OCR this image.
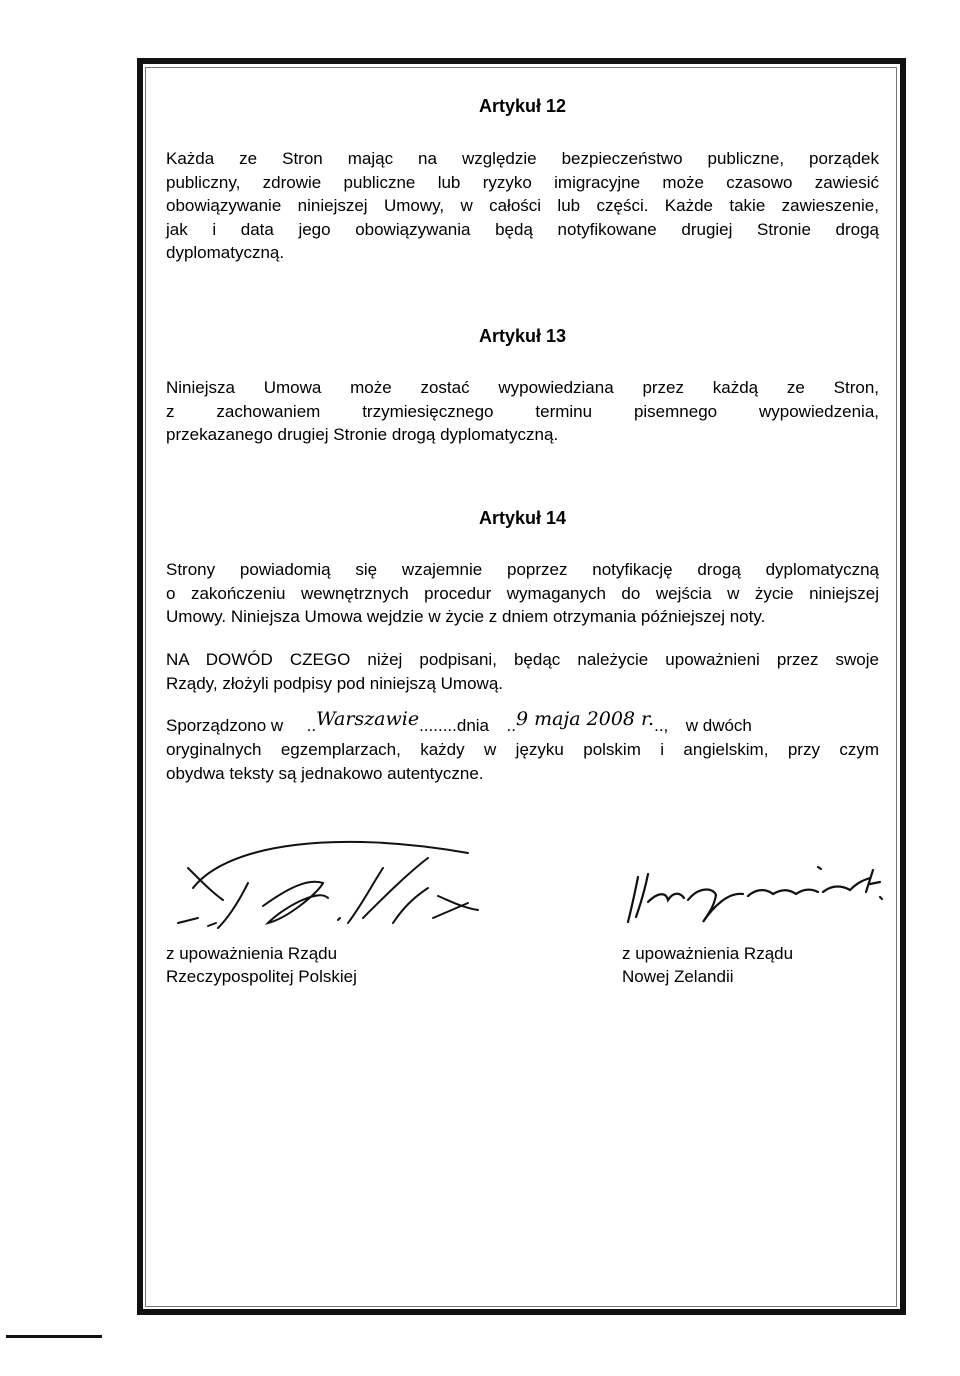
Artykuł 12

Każda ze Stron mając na względzie bezpieczeństwo publiczne, porządek
publiczny, zdrowie publiczne lub ryzyko imigracyjne może czasowo zawiesić
obowiązywanie niniejszej Umowy, w całości lub części. Każde takie zawieszenie,
jak i data jego obowiązywania będą notyfikowane drugiej Stronie drogą
dyplomatyczną.

Artykuł 13

Niniejsza Umowa może zostać wypowiedziana przez każdą ze Stron,
z zachowaniem trzymiesięcznego terminu pisemnego wypowiedzenia,
przekazanego drugiej Stronie drogą dyplomatyczną.

Artykuł 14

Strony powiadomią się wzajemnie poprzez notyfikację drogą dyplomatyczną
o zakończeniu wewnętrznych procedur wymaganych do wejścia w życie niniejszej
Umowy. Niniejsza Umowa wejdzie w życie z dniem otrzymania późniejszej noty.

NA DOWÓD CZEGO niżej podpisani, będąc należycie upoważnieni przez swoje
Rządy, złożyli podpisy pod niniejszą Umową.

Sporządzono w ..Warszawie........dnia ..9 maja 2008 r..., w dwóch

oryginalnych egzemplarzach, każdy w języku polskim i angielskim, przy czym
obydwa teksty są jednakowo autentyczne.

z upoważnienia Rządu
Rzeczypospolitej Polskiej
z upoważnienia Rządu
Nowej Zelandii
